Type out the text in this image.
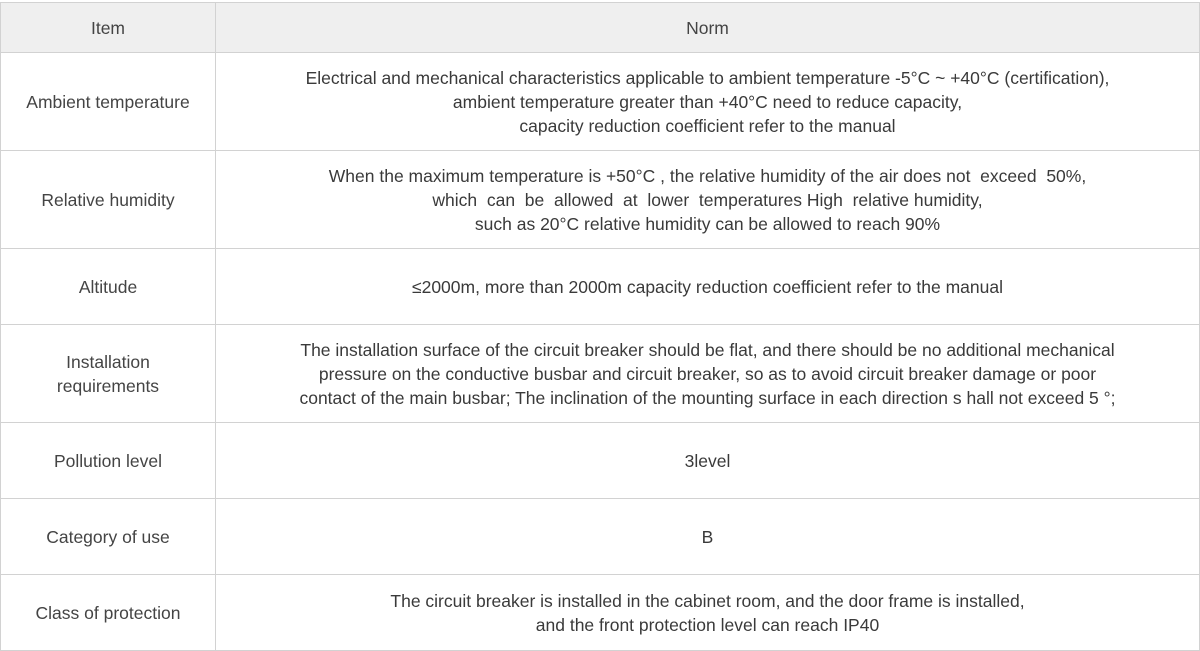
Item	Norm

Ambient temperature	Electrical and mechanical characteristics applicable to ambient temperature -5°C ~ +40°C (certification),
ambient temperature greater than +40°C need to reduce capacity,
capacity reduction coefficient refer to the manual

Relative humidity	When the maximum temperature is +50°C , the relative humidity of the air does not  exceed  50%,
which  can  be  allowed  at  lower  temperatures High  relative humidity,
such as 20°C relative humidity can be allowed to reach 90%

Altitude	≤2000m, more than 2000m capacity reduction coefficient refer to the manual

Installation
requirements	The installation surface of the circuit breaker should be flat, and there should be no additional mechanical
pressure on the conductive busbar and circuit breaker, so as to avoid circuit breaker damage or poor
contact of the main busbar; The inclination of the mounting surface in each direction s hall not exceed 5 °;

Pollution level	3level

Category of use	B

Class of protection	The circuit breaker is installed in the cabinet room, and the door frame is installed,
and the front protection level can reach IP40
